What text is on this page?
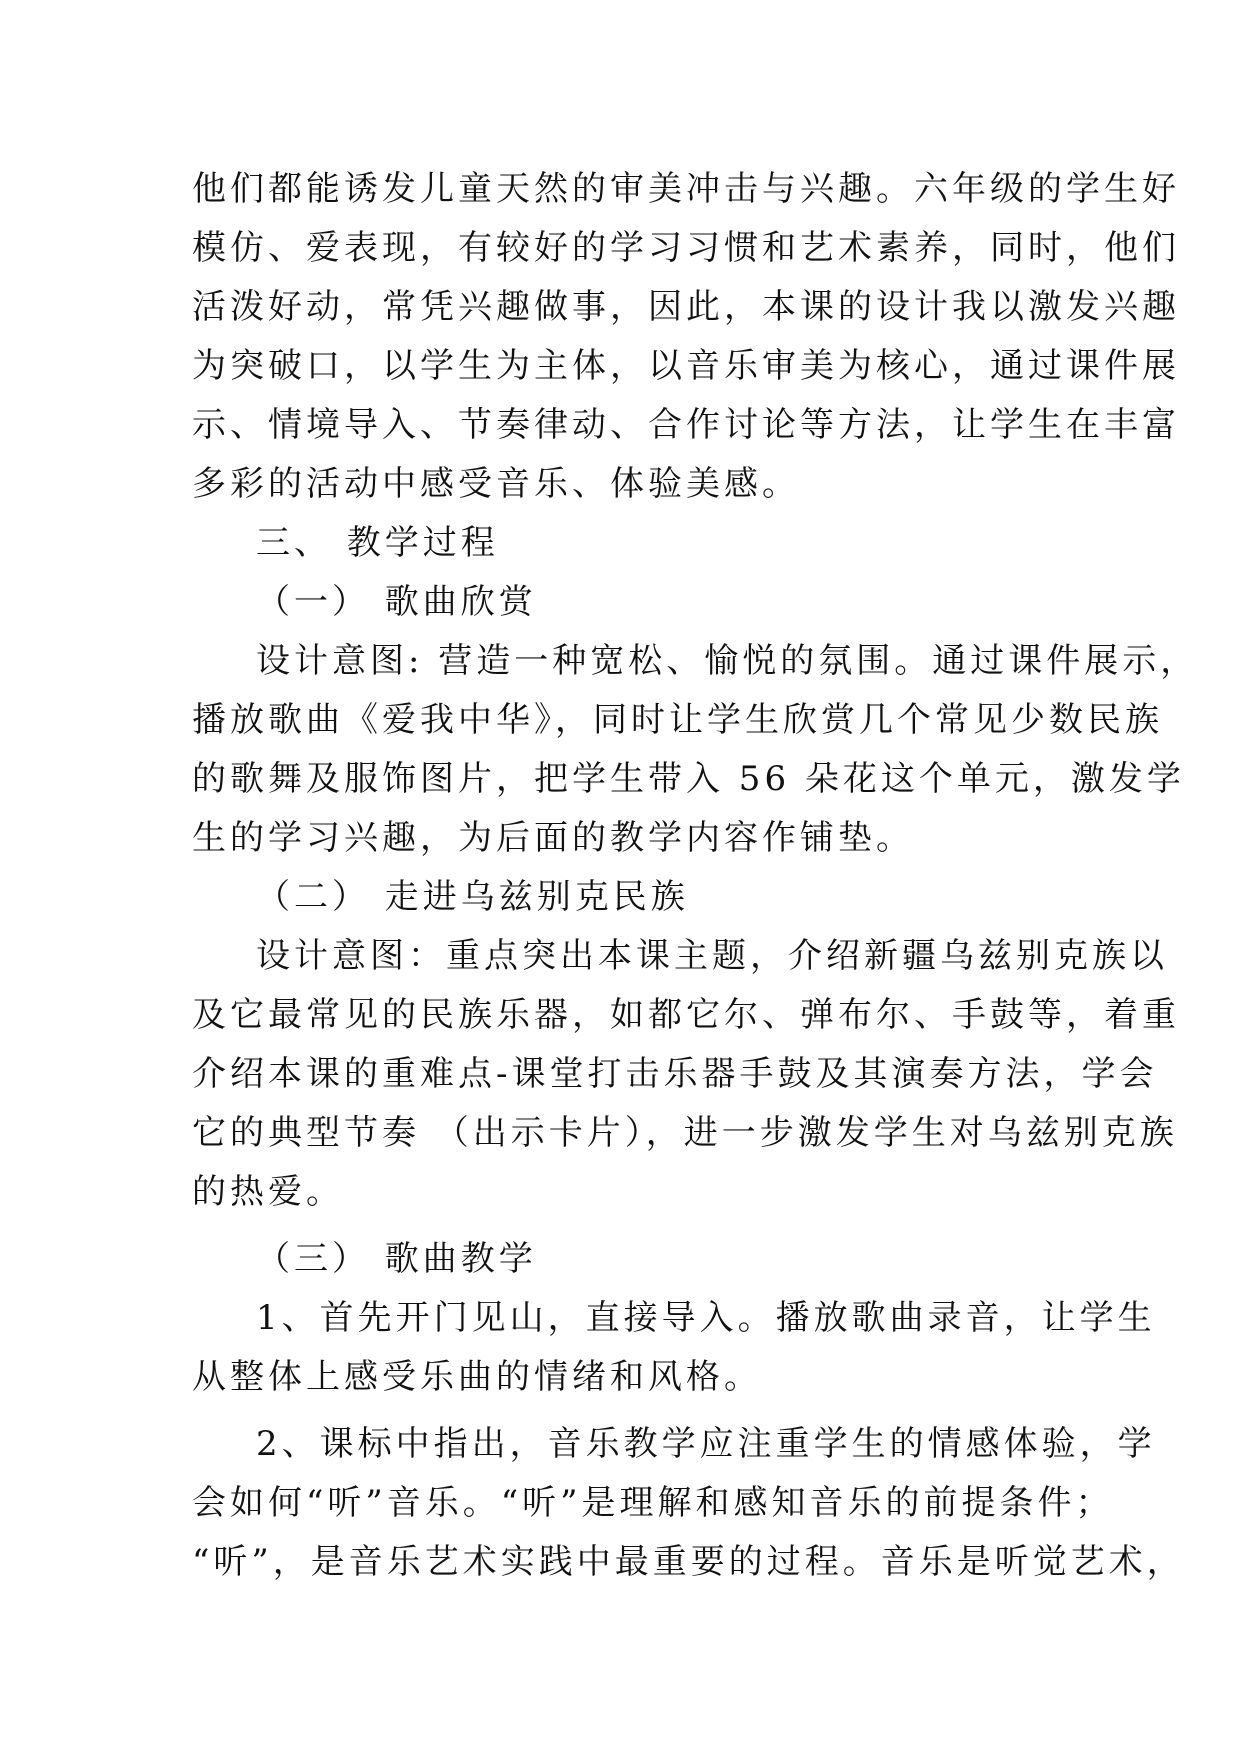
他们都能诱发儿童天然的审美冲击与兴趣。六年级的学生好
模仿、爱表现，有较好的学习习惯和艺术素养，同时，他们
活泼好动，常凭兴趣做事，因此，本课的设计我以激发兴趣
为突破口，以学生为主体，以音乐审美为核心，通过课件展
示、情境导入、节奏律动、合作讨论等方法，让学生在丰富
多彩的活动中感受音乐、体验美感。
三、 教学过程
（一） 歌曲欣赏
设计意图: 营造一种宽松、愉悦的氛围。通过课件展示，
播放歌曲《爱我中华》，同时让学生欣赏几个常见少数民族
的歌舞及服饰图片，把学生带入 56 朵花这个单元，激发学
生的学习兴趣，为后面的教学内容作铺垫。
（二） 走进乌兹别克民族
设计意图：重点突出本课主题，介绍新疆乌兹别克族以
及它最常见的民族乐器，如都它尔、弹布尔、手鼓等，着重
介绍本课的重难点-课堂打击乐器手鼓及其演奏方法，学会
它的典型节奏 （出示卡片），进一步激发学生对乌兹别克族
的热爱。
（三） 歌曲教学
1、首先开门见山，直接导入。播放歌曲录音，让学生
从整体上感受乐曲的情绪和风格。
2、课标中指出，音乐教学应注重学生的情感体验，学
会如何“听”音乐。“听”是理解和感知音乐的前提条件；
“听”，是音乐艺术实践中最重要的过程。音乐是听觉艺术，
